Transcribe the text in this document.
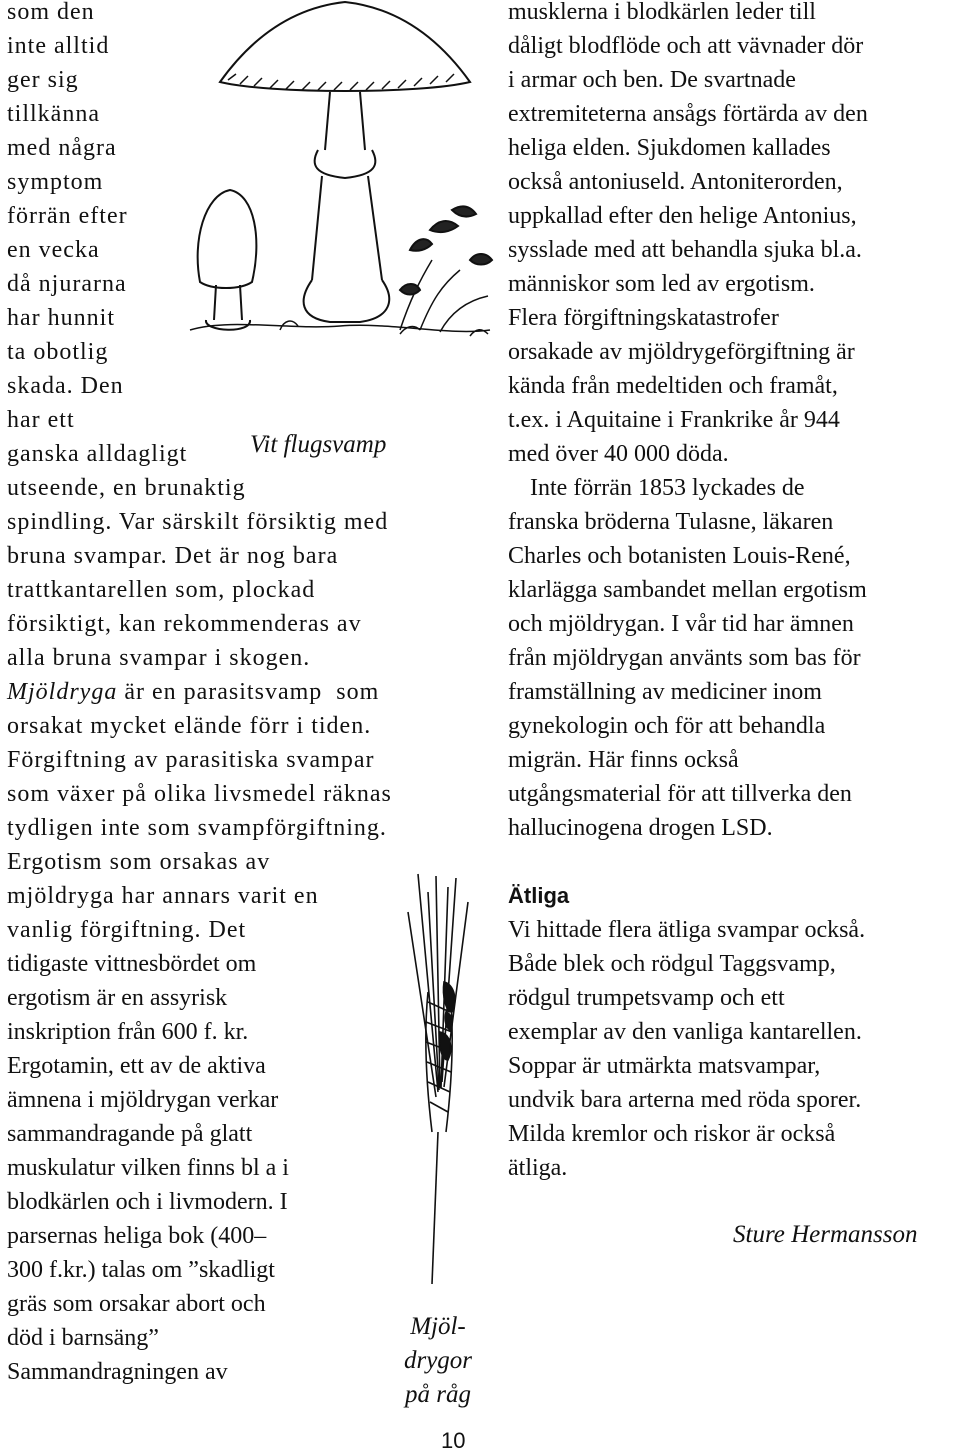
som den
inte alltid
ger sig
tillkänna
med några
symptom
förrän efter
en vecka
då njurarna
har hunnit
ta obotlig
skada. Den
har ett
ganska alldagligt
utseende, en brunaktig
spindling. Var särskilt försiktig med
bruna svampar. Det är nog bara
trattkantarellen som, plockad
försiktigt, kan rekommenderas av
alla bruna svampar i skogen.
Mjöldryga är en parasitsvamp  som
orsakat mycket elände förr i tiden.
Förgiftning av parasitiska svampar
som växer på olika livsmedel räknas
tydligen inte som svampförgiftning.
Ergotism som orsakas av
mjöldryga har annars varit en
vanlig förgiftning. Det
tidigaste vittnesbördet om
ergotism är en assyrisk
inskription från 600 f. kr.
Ergotamin, ett av de aktiva
ämnena i mjöldrygan verkar
sammandragande på glatt
muskulatur vilken finns bl a i
blodkärlen och i livmodern. I
parsernas heliga bok (400–
300 f.kr.) talas om ”skadligt
gräs som orsakar abort och
död i barnsäng”
Sammandragningen av
Vit flugsvamp
Mjöl-
drygor
på råg
musklerna i blodkärlen leder till
dåligt blodflöde och att vävnader dör
i armar och ben. De svartnade
extremiteterna ansågs förtärda av den
heliga elden. Sjukdomen kallades
också antoniuseld. Antoniterorden,
uppkallad efter den helige Antonius,
sysslade med att behandla sjuka bl.a.
människor som led av ergotism.
Flera förgiftningskatastrofer
orsakade av mjöldrygeförgiftning är
kända från medeltiden och framåt,
t.ex. i Aquitaine i Frankrike år 944
med över 40 000 döda.
Inte förrän 1853 lyckades de
franska bröderna Tulasne, läkaren
Charles och botanisten Louis-René,
klarlägga sambandet mellan ergotism
och mjöldrygan. I vår tid har ämnen
från mjöldrygan använts som bas för
framställning av mediciner inom
gynekologin och för att behandla
migrän. Här finns också
utgångsmaterial för att tillverka den
hallucinogena drogen LSD.
Ätliga
Vi hittade flera ätliga svampar också.
Både blek och rödgul Taggsvamp,
rödgul trumpetsvamp och ett
exemplar av den vanliga kantarellen.
Soppar är utmärkta matsvampar,
undvik bara arterna med röda sporer.
Milda kremlor och riskor är också
ätliga.
Sture Hermansson
10
